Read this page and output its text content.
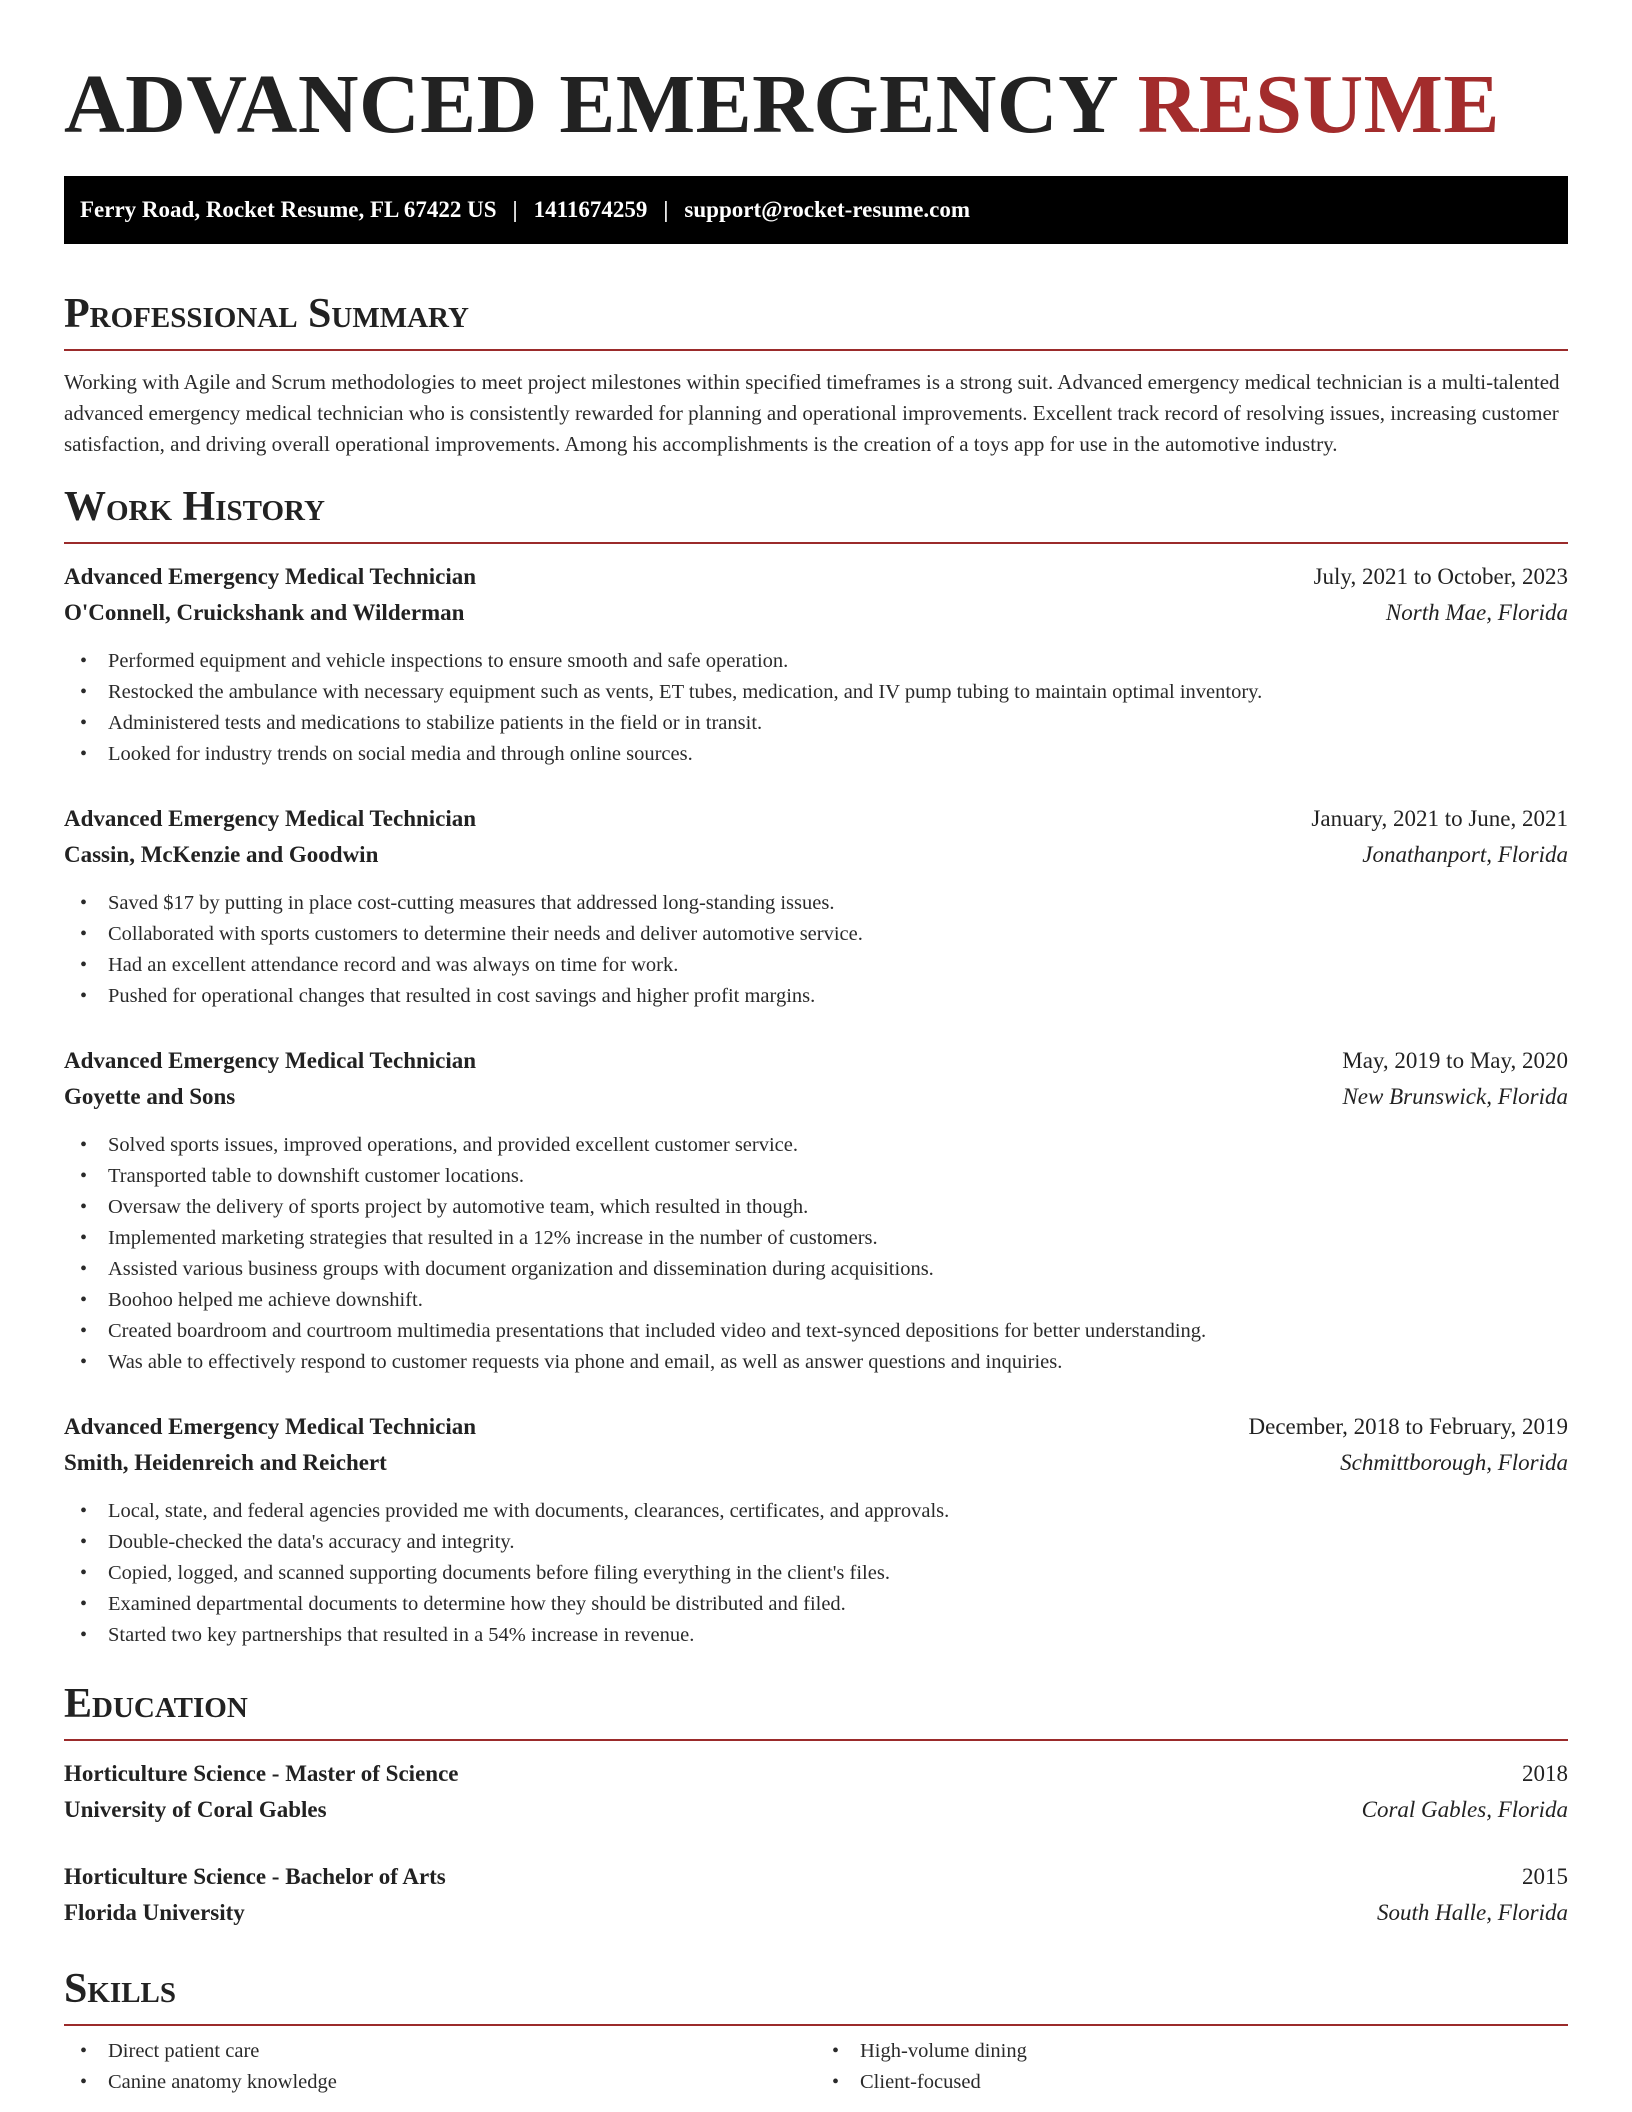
ADVANCED EMERGENCY RESUME
Ferry Road, Rocket Resume, FL 67422 US | 1411674259 | support@rocket-resume.com
Professional Summary

Working with Agile and Scrum methodologies to meet project milestones within specified timeframes is a strong suit. Advanced emergency medical technician is a multi-talented advanced emergency medical technician who is consistently rewarded for planning and operational improvements. Excellent track record of resolving issues, increasing customer satisfaction, and driving overall operational improvements. Among his accomplishments is the creation of a toys app for use in the automotive industry.

Work History
Advanced Emergency Medical Technician	July, 2021 to October, 2023
O'Connell, Cruickshank and Wilderman	North Mae, Florida
• Performed equipment and vehicle inspections to ensure smooth and safe operation.
• Restocked the ambulance with necessary equipment such as vents, ET tubes, medication, and IV pump tubing to maintain optimal inventory.
• Administered tests and medications to stabilize patients in the field or in transit.
• Looked for industry trends on social media and through online sources.
Advanced Emergency Medical Technician	January, 2021 to June, 2021
Cassin, McKenzie and Goodwin	Jonathanport, Florida
• Saved $17 by putting in place cost-cutting measures that addressed long-standing issues.
• Collaborated with sports customers to determine their needs and deliver automotive service.
• Had an excellent attendance record and was always on time for work.
• Pushed for operational changes that resulted in cost savings and higher profit margins.
Advanced Emergency Medical Technician	May, 2019 to May, 2020
Goyette and Sons	New Brunswick, Florida
• Solved sports issues, improved operations, and provided excellent customer service.
• Transported table to downshift customer locations.
• Oversaw the delivery of sports project by automotive team, which resulted in though.
• Implemented marketing strategies that resulted in a 12% increase in the number of customers.
• Assisted various business groups with document organization and dissemination during acquisitions.
• Boohoo helped me achieve downshift.
• Created boardroom and courtroom multimedia presentations that included video and text-synced depositions for better understanding.
• Was able to effectively respond to customer requests via phone and email, as well as answer questions and inquiries.
Advanced Emergency Medical Technician	December, 2018 to February, 2019
Smith, Heidenreich and Reichert	Schmittborough, Florida
• Local, state, and federal agencies provided me with documents, clearances, certificates, and approvals.
• Double-checked the data's accuracy and integrity.
• Copied, logged, and scanned supporting documents before filing everything in the client's files.
• Examined departmental documents to determine how they should be distributed and filed.
• Started two key partnerships that resulted in a 54% increase in revenue.
Education
Horticulture Science - Master of Science	2018
University of Coral Gables	Coral Gables, Florida
Horticulture Science - Bachelor of Arts	2015
Florida University	South Halle, Florida
Skills
• Direct patient care
• Canine anatomy knowledge
• High-volume dining
• Client-focused
